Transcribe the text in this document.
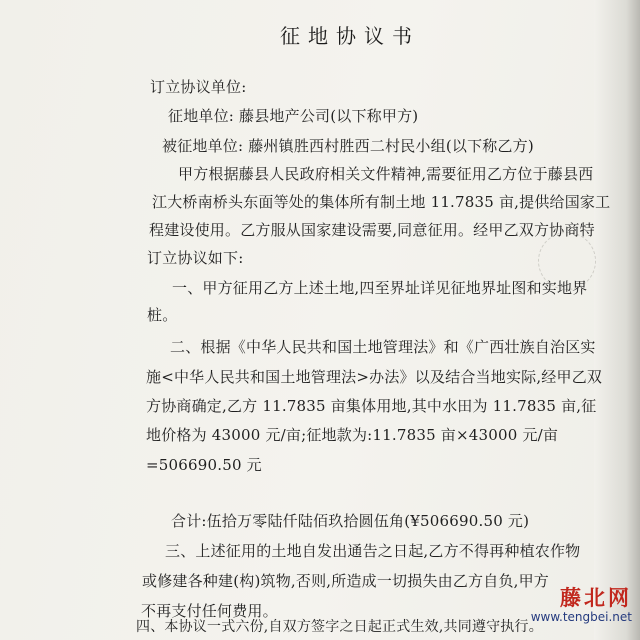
征地协议书
订立协议单位:
征地单位: 藤县地产公司(以下称甲方)
被征地单位: 藤州镇胜西村胜西二村民小组(以下称乙方)
甲方根据藤县人民政府相关文件精神,需要征用乙方位于藤县西
江大桥南桥头东面等处的集体所有制土地 11.7835 亩,提供给国家工
程建设使用。乙方服从国家建设需要,同意征用。经甲乙双方协商特
订立协议如下:
一、甲方征用乙方上述土地,四至界址详见征地界址图和实地界
桩。
二、根据《中华人民共和国土地管理法》和《广西壮族自治区实
施<中华人民共和国土地管理法>办法》以及结合当地实际,经甲乙双
方协商确定,乙方 11.7835 亩集体用地,其中水田为 11.7835 亩,征
地价格为 43000 元/亩;征地款为:11.7835 亩×43000 元/亩
=506690.50 元
合计:伍拾万零陆仟陆佰玖拾圆伍角(¥506690.50 元)
三、上述征用的土地自发出通告之日起,乙方不得再种植农作物
或修建各种建(构)筑物,否则,所造成一切损失由乙方自负,甲方
不再支付任何费用。
四、本协议一式六份,自双方签字之日起正式生效,共同遵守执行。
藤北网
www.tengbei.net
